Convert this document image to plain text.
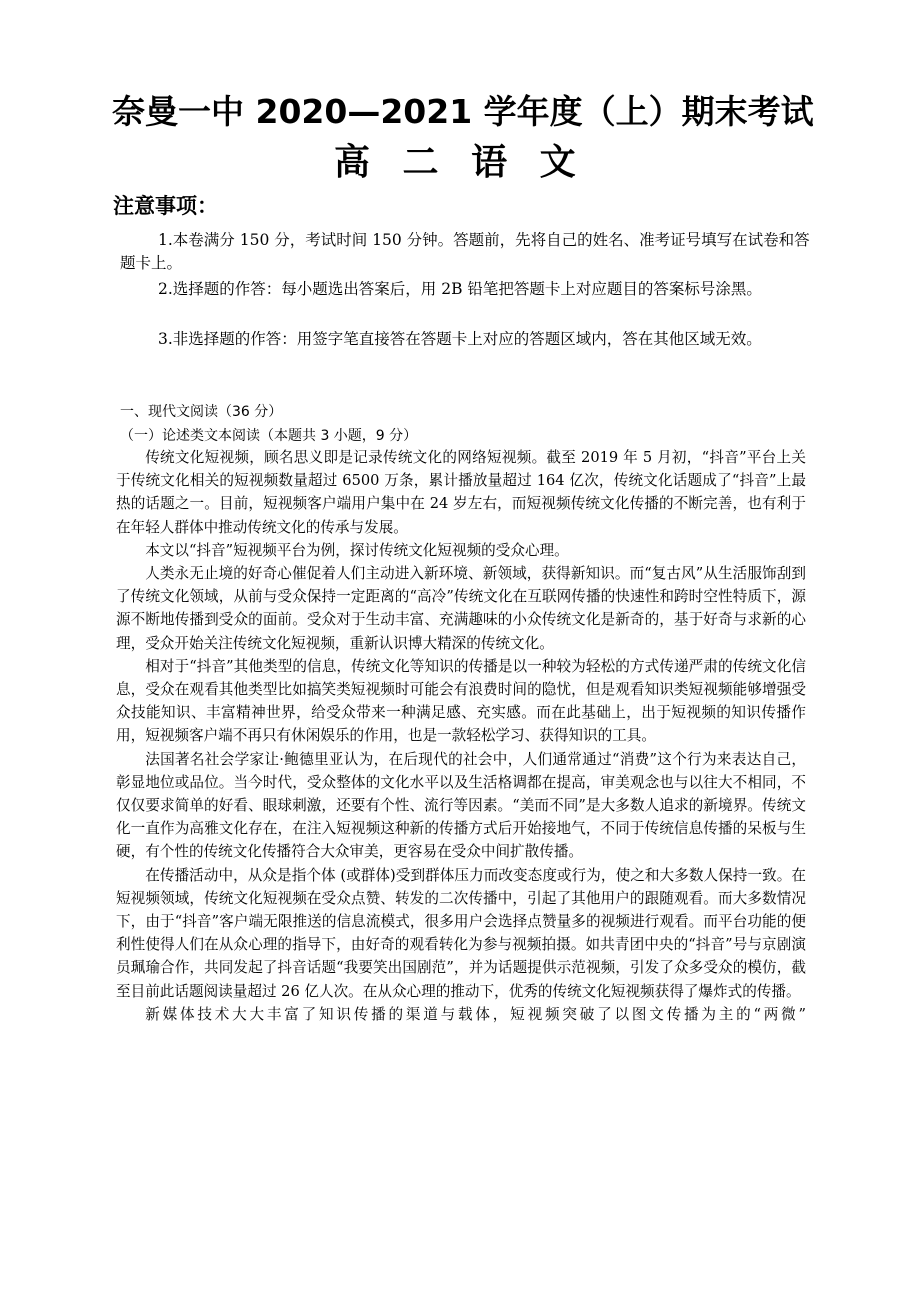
奈曼一中 2020—2021 学年度（上）期末考试
高 二 语 文
注意事项：
1.本卷满分 150 分，考试时间 150 分钟。答题前，先将自己的姓名、准考证号填写在试卷和答题卡上。
2.选择题的作答：每小题选出答案后，用 2B 铅笔把答题卡上对应题目的答案标号涂黑。
3.非选择题的作答：用签字笔直接答在答题卡上对应的答题区域内，答在其他区域无效。
一、现代文阅读（36 分）
（一）论述类文本阅读（本题共 3 小题，9 分）

传统文化短视频，顾名思义即是记录传统文化的网络短视频。截至 2019 年 5 月初，“抖音”平台上关于传统文化相关的短视频数量超过 6500 万条，累计播放量超过 164 亿次，传统文化话题成了“抖音”上最热的话题之一。目前，短视频客户端用户集中在 24 岁左右，而短视频传统文化传播的不断完善，也有利于在年轻人群体中推动传统文化的传承与发展。

本文以“抖音”短视频平台为例，探讨传统文化短视频的受众心理。

人类永无止境的好奇心催促着人们主动进入新环境、新领域，获得新知识。而“复古风”从生活服饰刮到了传统文化领域，从前与受众保持一定距离的“高冷”传统文化在互联网传播的快速性和跨时空性特质下，源源不断地传播到受众的面前。受众对于生动丰富、充满趣味的小众传统文化是新奇的，基于好奇与求新的心理，受众开始关注传统文化短视频，重新认识博大精深的传统文化。

相对于“抖音”其他类型的信息，传统文化等知识的传播是以一种较为轻松的方式传递严肃的传统文化信息，受众在观看其他类型比如搞笑类短视频时可能会有浪费时间的隐忧，但是观看知识类短视频能够增强受众技能知识、丰富精神世界，给受众带来一种满足感、充实感。而在此基础上，出于短视频的知识传播作用，短视频客户端不再只有休闲娱乐的作用，也是一款轻松学习、获得知识的工具。

法国著名社会学家让·鲍德里亚认为，在后现代的社会中，人们通常通过“消费”这个行为来表达自己，彰显地位或品位。当今时代，受众整体的文化水平以及生活格调都在提高，审美观念也与以往大不相同，不仅仅要求简单的好看、眼球刺激，还要有个性、流行等因素。“美而不同”是大多数人追求的新境界。传统文化一直作为高雅文化存在，在注入短视频这种新的传播方式后开始接地气，不同于传统信息传播的呆板与生硬，有个性的传统文化传播符合大众审美，更容易在受众中间扩散传播。

在传播活动中，从众是指个体 (或群体)受到群体压力而改变态度或行为，使之和大多数人保持一致。在短视频领域，传统文化短视频在受众点赞、转发的二次传播中，引起了其他用户的跟随观看。而大多数情况下，由于“抖音”客户端无限推送的信息流模式，很多用户会选择点赞量多的视频进行观看。而平台功能的便利性使得人们在从众心理的指导下，由好奇的观看转化为参与视频拍摄。如共青团中央的“抖音”号与京剧演员珮瑜合作，共同发起了抖音话题“我要笑出国剧范”，并为话题提供示范视频，引发了众多受众的模仿，截至目前此话题阅读量超过 26 亿人次。在从众心理的推动下，优秀的传统文化短视频获得了爆炸式的传播。

新媒体技术大大丰富了知识传播的渠道与载体，短视频突破了以图文传播为主的“两微”
